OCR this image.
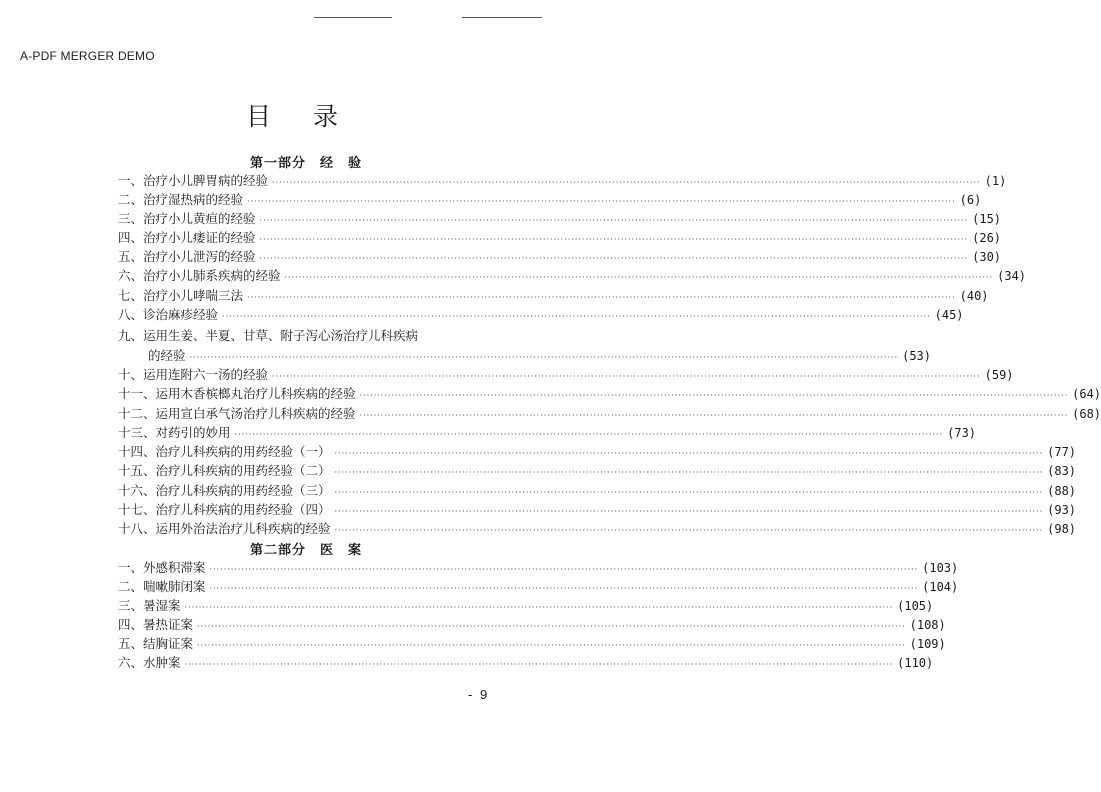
A-PDF MERGER DEMO
目录
第一部分　经　验
一、 治疗小儿脾胃病的经验 ········································································································································································································ (1)
二、 治疗湿热病的经验 ········································································································································································································ (6)
三、 治疗小儿黄疸的经验 ········································································································································································································ (15)
四、 治疗小儿痿证的经验 ········································································································································································································ (26)
五、 治疗小儿泄泻的经验 ········································································································································································································ (30)
六、 治疗小儿肺系疾病的经验 ········································································································································································································ (34)
七、 治疗小儿哮喘三法 ········································································································································································································ (40)
八、 诊治麻疹经验 ········································································································································································································ (45)
九、 运用生姜、半夏、甘草、附子泻心汤治疗儿科疾病
的经验 ········································································································································································································ (53)
十、 运用连附六一汤的经验 ········································································································································································································ (59)
十一、 运用木香槟榔丸治疗儿科疾病的经验 ········································································································································································································ (64)
十二、 运用宣白承气汤治疗儿科疾病的经验 ········································································································································································································ (68)
十三、 对药引的妙用 ········································································································································································································ (73)
十四、 治疗儿科疾病的用药经验（一） ········································································································································································································ (77)
十五、 治疗儿科疾病的用药经验（二） ········································································································································································································ (83)
十六、 治疗儿科疾病的用药经验（三） ········································································································································································································ (88)
十七、 治疗儿科疾病的用药经验（四） ········································································································································································································ (93)
十八、 运用外治法治疗儿科疾病的经验 ········································································································································································································ (98)
第二部分　医　案
一、 外感积滞案 ········································································································································································································ (103)
二、 喘嗽肺闭案 ········································································································································································································ (104)
三、 暑湿案 ········································································································································································································ (105)
四、 暑热证案 ········································································································································································································ (108)
五、 结胸证案 ········································································································································································································ (109)
六、 水肿案 ········································································································································································································ (110)
- 9
